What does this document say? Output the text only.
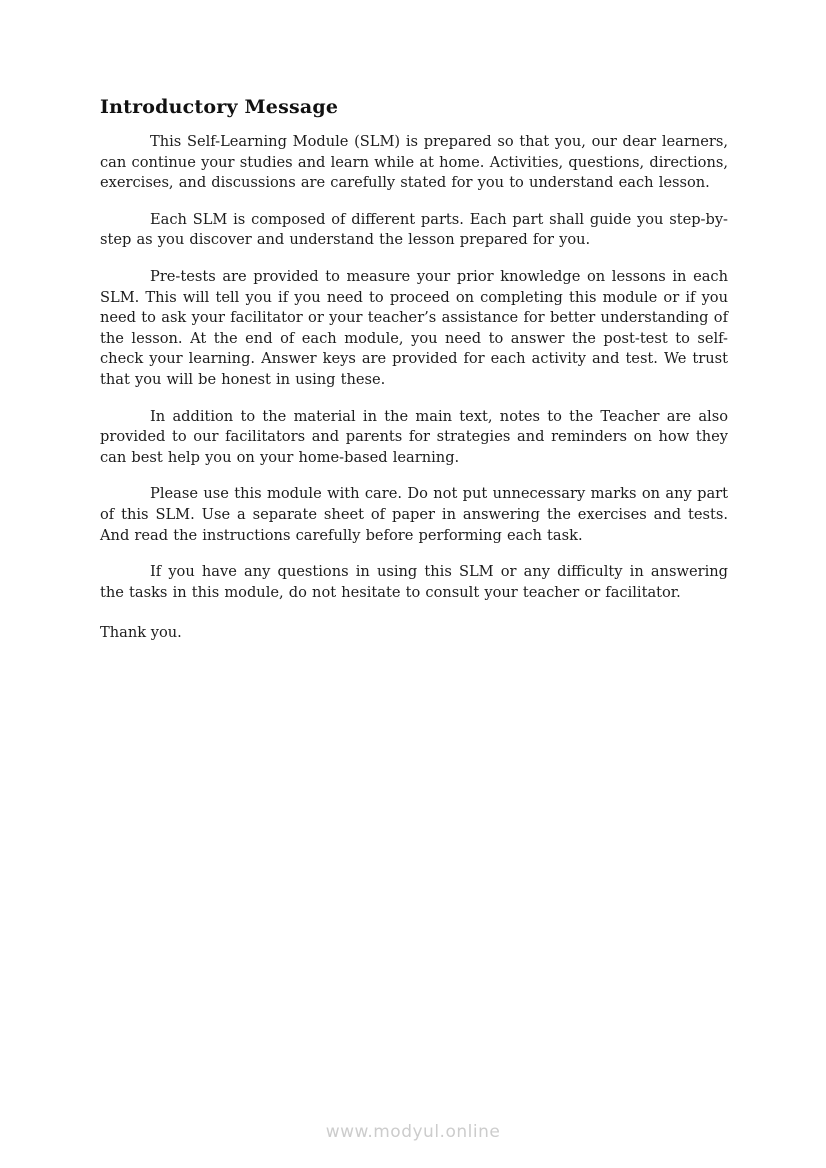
Introductory Message

This Self-Learning Module (SLM) is prepared so that you, our dear learners, can continue your studies and learn while at home. Activities, questions, directions, exercises, and discussions are carefully stated for you to understand each lesson.

Each SLM is composed of different parts. Each part shall guide you step-by-step as you discover and understand the lesson prepared for you.

Pre-tests are provided to measure your prior knowledge on lessons in each SLM. This will tell you if you need to proceed on completing this module or if you need to ask your facilitator or your teacher’s assistance for better understanding of the lesson. At the end of each module, you need to answer the post-test to self-check your learning. Answer keys are provided for each activity and test. We trust that you will be honest in using these.

In addition to the material in the main text, notes to the Teacher are also provided to our facilitators and parents for strategies and reminders on how they can best help you on your home-based learning.

Please use this module with care. Do not put unnecessary marks on any part of this SLM. Use a separate sheet of paper in answering the exercises and tests. And read the instructions carefully before performing each task.

If you have any questions in using this SLM or any difficulty in answering the tasks in this module, do not hesitate to consult your teacher or facilitator.

Thank you.

www.modyul.online
